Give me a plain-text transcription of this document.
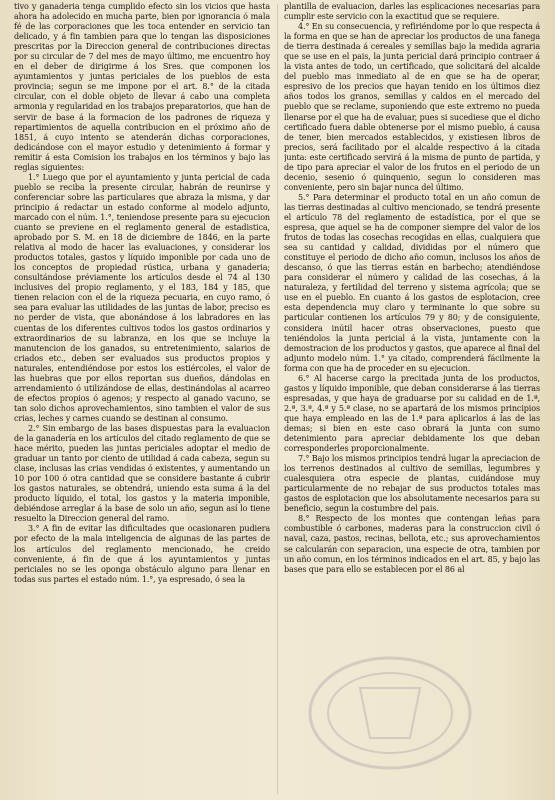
tivo y ganaderia tenga cumplido efecto sin los vicios que hasta ahora ha adolecido en mucha parte, bien por ignorancia ó mala fé de las corporaciones que les toca entender en servicio tan delicado, y á fin tambien para que lo tengan las disposiciones prescritas por la Direccion general de contribuciones directas por su circular de 7 del mes de mayo último, me encuentro hoy en el deber de dirigirme á los Sres. que componen los ayuntamientos y juntas periciales de los pueblos de esta provincia; segun se me impone por el art. 8.° de la citada circular, con el doble objeto de llevar á cabo una completa armonia y regularidad en los trabajos preparatorios, que han de servir de base á la formacion de los padrones de riqueza y repartimientos de aquella contribucion en el próximo año de 1851, á cuyo intento se atenderán dichas corporaciones, dedicándose con el mayor estudio y detenimiento á formar y remitir á esta Comision los trabajos en los términos y bajo las reglas siguientes:

1.° Luego que por el ayuntamiento y junta pericial de cada pueblo se reciba la presente circular, habrán de reunirse y conferenciar sobre las particulares que abraza la misma, y dar principio á redactar un estado conforme al modelo adjunto, marcado con el núm. 1.°, teniendose presente para su ejecucion cuanto se previene en el reglamento general de estadistica, aprobado por S. M. en 18 de diciembre de 1846, en la parte relativa al modo de hacer las evaluaciones, y considerar los productos totales, gastos y líquido imponible por cada uno de los conceptos de propiedad rústica, urbana y ganaderia; consultándose préviamente los artículos desde el 74 al 130 inclusives del propio reglamento, y el 183, 184 y 185, que tienen relacion con el de la riqueza pecuaria, en cuyo ramo, ó sea para evaluar las utilidades de las juntas de labor, preciso es no perder de vista, que abonándose á los labradores en las cuentas de los diferentes cultivos todos los gastos ordinarios y extraordinarios de su labranza, en los que se incluye la manutencion de los ganados, su entretenimiento, salarios de criados etc., deben ser evaluados sus productos propios y naturales, entendiéndose por estos los estiércoles, el valor de las huebras que por ellos reportan sus dueños, dándolas en arrendamiento ó utilizándose de ellas, destinándolas al acarreo de efectos propios ó agenos; y respecto al ganado vacuno, se tan solo dichos aprovechamientos, sino tambien el valor de sus crias, leches y carnes cuando se destinan al consumo.

2.° Sin embargo de las bases dispuestas para la evaluacion de la ganadería en los artículos del citado reglamento de que se hace mérito, pueden las juntas periciales adoptar el medio de graduar un tanto por ciento de utilidad á cada cabeza, segun su clase, inclusas las crias vendidas ó existentes, y aumentando un 10 por 100 ó otra cantidad que se considere bastante á cubrir los gastos naturales, se obtendrá, uniendo esta suma á la del producto líquido, el total, los gastos y la materia imponible, debiéndose arreglar á la base de solo un año, segun así lo tiene resuelto la Direccion general del ramo.

3.° A fin de evitar las dificultades que ocasionaren pudiera por efecto de la mala inteligencia de algunas de las partes de los artículos del reglamento mencionado, he creido conveniente, á fin de que á los ayuntamientos y juntas periciales no se les oponga obstáculo alguno para llenar en todas sus partes el estado núm. 1.°, ya espresado, ó sea la

plantilla de evaluacion, darles las esplicaciones necesarias para cumplir este servicio con la exactitud que se requiere.

4.° En su consecuencia, y refiriéndome por lo que respecta á la forma en que se han de apreciar los productos de una fanega de tierra destinada á cereales y semillas bajo la medida agraria que se use en el pais, la junta pericial dará principio contraer á la vista antes de todo, un certificado, que solicitará del alcalde del pueblo mas inmediato al de en que se ha de operar, espresivo de los precios que hayan tenido en los últimos diez años todos los granos, semillas y caldos en el mercado del pueblo que se reclame, suponiendo que este extremo no pueda llenarse por el que ha de evaluar, pues si sucediese que el dicho certificado fuera dable obtenerse por el mismo pueblo, á causa de tener, bien mercados establecidos, y existiesen libros de precios, será facilitado por el alcalde respectivo á la citada junta: este certificado servirá á la misma de punto de partida, y de tipo para apreciar el valor de los frutos en el periodo de un decenio, sesenio ó quinquenio, segun lo consideren mas conveniente, pero sin bajar nunca del último.

5.° Para determinar el producto total en un año comun de las tierras destinadas al cultivo mencionado, se tendrá presente el artículo 78 del reglamento de estadística, por el que se espresa, que aquel se ha de componer siempre del valor de los frutos de todas las cosechas recogidas en ellas, cualquiera que sea su cantidad y calidad, divididas por el número que constituye el periodo de dicho año comun, inclusos los años de descanso, ó que las tierras están en barbecho; atendiéndose para considerar el número y calidad de las cosechas, á la naturaleza, y fertilidad del terreno y sistema agrícola; que se use en el pueblo. En cuanto á los gastos de esplotacion, cree esta dependencia muy claro y terminante lo que sobre su particular contienen los artículos 79 y 80; y de consiguiente, considera inútil hacer otras observaciones, puesto que teniéndolos la junta pericial á la vista, juntamente con la demostracion de los productos y gastos, que aparece al final del adjunto modelo núm. 1.° ya citado, comprenderá fácilmente la forma con que ha de proceder en su ejecucion.

6.° Al hacerse cargo la precitada junta de los productos, gastos y líquido imponible, que deban considerarse á las tierras espresadas, y que haya de graduarse por su calidad en de 1.ª, 2.ª, 3.ª, 4.ª y 5.ª clase, no se apartará de los mismos principios que haya empleado en las de 1.ª para aplicarlos á las de las demas; si bien en este caso obrará la junta con sumo detenimiento para apreciar debidamente los que deban corresponderles proporcionalmente.

7.° Bajo los mismos principios tendrá lugar la apreciacion de los terrenos destinados al cultivo de semillas, legumbres y cualesquiera otra especie de plantas, cuidándose muy particularmente de no rebajar de sus productos totales mas gastos de esplotacion que los absolutamente necesarios para su beneficio, segun la costumbre del pais.

8.° Respecto de los montes que contengan leñas para combustible ó carbones, maderas para la construccion civil ó naval, caza, pastos, recinas, bellota, etc.; sus aprovechamientos se calcularán con separacion, una especie de otra, tambien por un año comun, en los términos indicados en el art. 85, y bajo las bases que para ello se establecen por el 86 al
